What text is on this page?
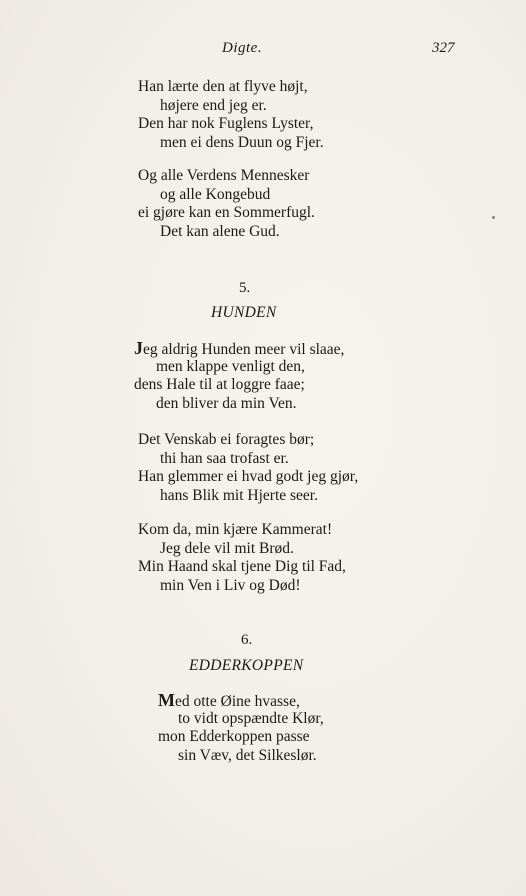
Digte.	327
Han lærte den at flyve højt,
højere end jeg er.
Den har nok Fuglens Lyster,
men ei dens Duun og Fjer.
Og alle Verdens Mennesker
og alle Kongebud
ei gjøre kan en Sommerfugl.
Det kan alene Gud.
5.
HUNDEN
Jeg aldrig Hunden meer vil slaae,
men klappe venligt den,
dens Hale til at loggre faae;
den bliver da min Ven.
Det Venskab ei foragtes bør;
thi han saa trofast er.
Han glemmer ei hvad godt jeg gjør,
hans Blik mit Hjerte seer.
Kom da, min kjære Kammerat!
Jeg dele vil mit Brød.
Min Haand skal tjene Dig til Fad,
min Ven i Liv og Død!
6.
EDDERKOPPEN
Med otte Øine hvasse,
to vidt opspændte Klør,
mon Edderkoppen passe
sin Væv, det Silkeslør.
